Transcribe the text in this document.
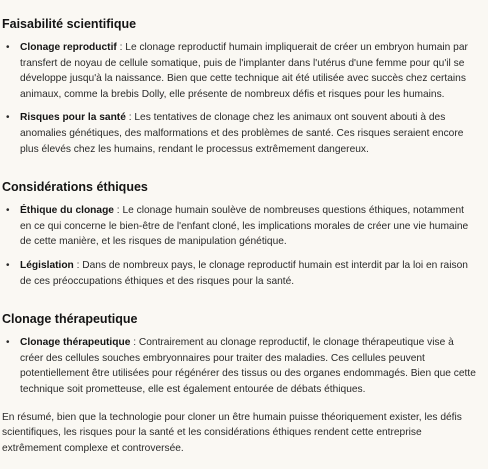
Faisabilité scientifique
• Clonage reproductif : Le clonage reproductif humain impliquerait de créer un embryon humain par transfert de noyau de cellule somatique, puis de l'implanter dans l'utérus d'une femme pour qu'il se développe jusqu'à la naissance. Bien que cette technique ait été utilisée avec succès chez certains animaux, comme la brebis Dolly, elle présente de nombreux défis et risques pour les humains.
• Risques pour la santé : Les tentatives de clonage chez les animaux ont souvent abouti à des anomalies génétiques, des malformations et des problèmes de santé. Ces risques seraient encore plus élevés chez les humains, rendant le processus extrêmement dangereux.
Considérations éthiques
• Éthique du clonage : Le clonage humain soulève de nombreuses questions éthiques, notamment en ce qui concerne le bien-être de l'enfant cloné, les implications morales de créer une vie humaine de cette manière, et les risques de manipulation génétique.
• Législation : Dans de nombreux pays, le clonage reproductif humain est interdit par la loi en raison de ces préoccupations éthiques et des risques pour la santé.
Clonage thérapeutique
• Clonage thérapeutique : Contrairement au clonage reproductif, le clonage thérapeutique vise à créer des cellules souches embryonnaires pour traiter des maladies. Ces cellules peuvent potentiellement être utilisées pour régénérer des tissus ou des organes endommagés. Bien que cette technique soit prometteuse, elle est également entourée de débats éthiques.

En résumé, bien que la technologie pour cloner un être humain puisse théoriquement exister, les défis scientifiques, les risques pour la santé et les considérations éthiques rendent cette entreprise extrêmement complexe et controversée.
